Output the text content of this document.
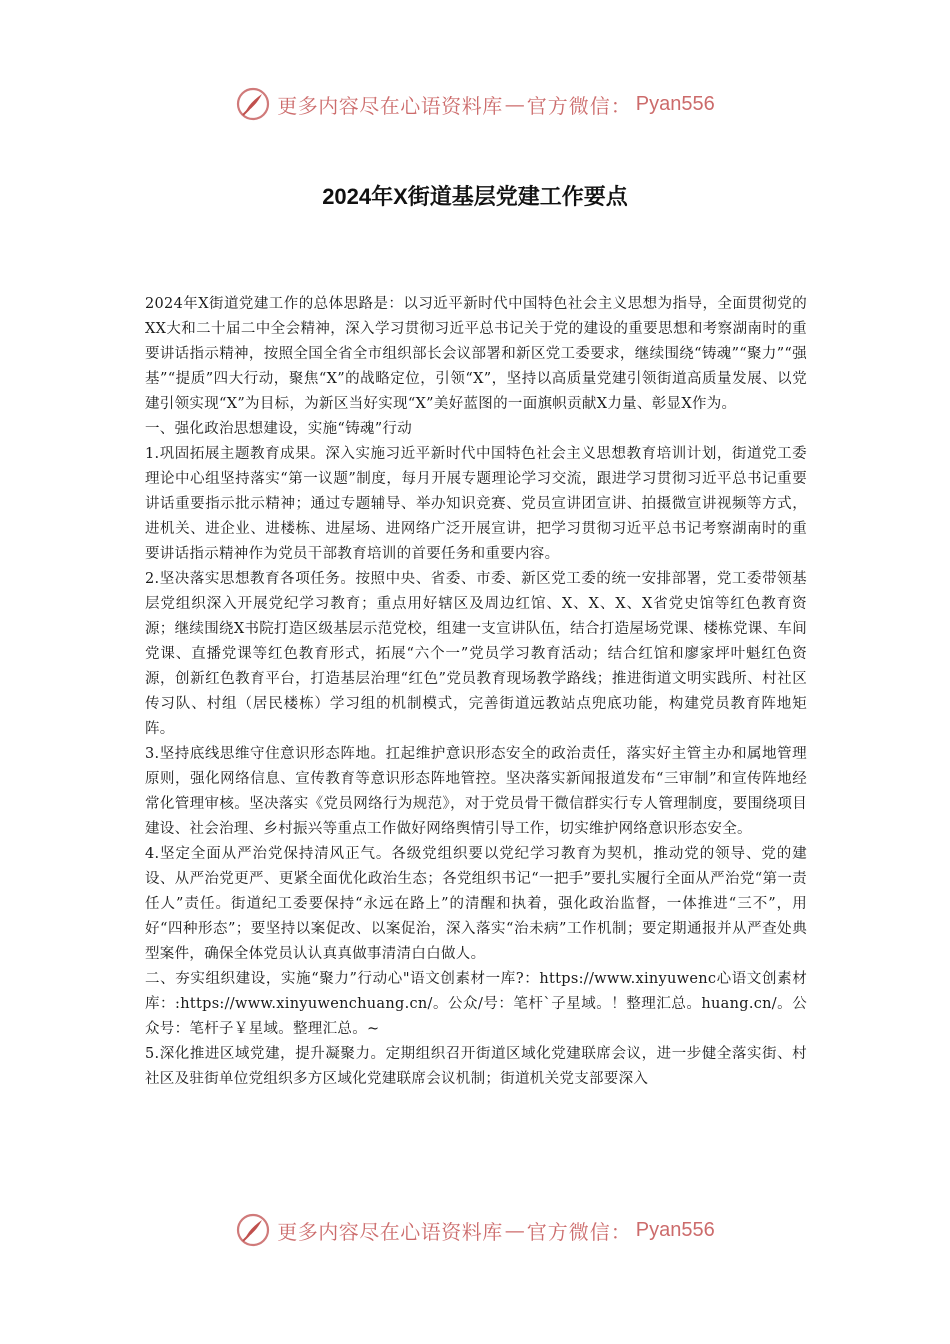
更多内容尽在心语资料库 — 官方微信： Pyan556
2024年X街道基层党建工作要点

2024年X街道党建工作的总体思路是：以习近平新时代中国特色社会主义思想为指导，全面贯彻党的XX大和二十届二中全会精神，深入学习贯彻习近平总书记关于党的建设的重要思想和考察湖南时的重要讲话指示精神，按照全国全省全市组织部长会议部署和新区党工委要求，继续围绕“铸魂”“聚力”“强基”“提质”四大行动，聚焦“X”的战略定位，引领“X”，坚持以高质量党建引领街道高质量发展、以党建引领实现“X”为目标，为新区当好实现“X”美好蓝图的一面旗帜贡献X力量、彰显X作为。

一、强化政治思想建设，实施“铸魂”行动

1.巩固拓展主题教育成果。深入实施习近平新时代中国特色社会主义思想教育培训计划，街道党工委理论中心组坚持落实“第一议题”制度，每月开展专题理论学习交流，跟进学习贯彻习近平总书记重要讲话重要指示批示精神；通过专题辅导、举办知识竞赛、党员宣讲团宣讲、拍摄微宣讲视频等方式，进机关、进企业、进楼栋、进屋场、进网络广泛开展宣讲，把学习贯彻习近平总书记考察湖南时的重要讲话指示精神作为党员干部教育培训的首要任务和重要内容。

2.坚决落实思想教育各项任务。按照中央、省委、市委、新区党工委的统一安排部署，党工委带领基层党组织深入开展党纪学习教育；重点用好辖区及周边红馆、X、X、X、X省党史馆等红色教育资源；继续围绕X书院打造区级基层示范党校，组建一支宣讲队伍，结合打造屋场党课、楼栋党课、车间党课、直播党课等红色教育形式，拓展“六个一”党员学习教育活动；结合红馆和廖家坪叶魁红色资源，创新红色教育平台，打造基层治理“红色”党员教育现场教学路线；推进街道文明实践所、村社区传习队、村组（居民楼栋）学习组的机制模式，完善街道远教站点兜底功能，构建党员教育阵地矩阵。

3.坚持底线思维守住意识形态阵地。扛起维护意识形态安全的政治责任，落实好主管主办和属地管理原则，强化网络信息、宣传教育等意识形态阵地管控。坚决落实新闻报道发布“三审制”和宣传阵地经常化管理审核。坚决落实《党员网络行为规范》，对于党员骨干微信群实行专人管理制度，要围绕项目建设、社会治理、乡村振兴等重点工作做好网络舆情引导工作，切实维护网络意识形态安全。

4.坚定全面从严治党保持清风正气。各级党组织要以党纪学习教育为契机，推动党的领导、党的建设、从严治党更严、更紧全面优化政治生态；各党组织书记“一把手”要扎实履行全面从严治党“第一责任人”责任。街道纪工委要保持“永远在路上”的清醒和执着，强化政治监督，一体推进“三不”，用好“四种形态”；要坚持以案促改、以案促治，深入落实“治未病”工作机制；要定期通报并从严查处典型案件，确保全体党员认认真真做事清清白白做人。

二、夯实组织建设，实施“聚力”行动心"语文创素材一库?：https://www.xinyuwenc心语文创素材库：:https://www.xinyuwenchuang.cn/。公众/号：笔杆`子星域。！整理汇总。huang.cn/。公众号：笔杆子￥星域。整理汇总。~

5.深化推进区域党建，提升凝聚力。定期组织召开街道区域化党建联席会议，进一步健全落实街、村社区及驻街单位党组织多方区域化党建联席会议机制；街道机关党支部要深入

更多内容尽在心语资料库 — 官方微信： Pyan556
